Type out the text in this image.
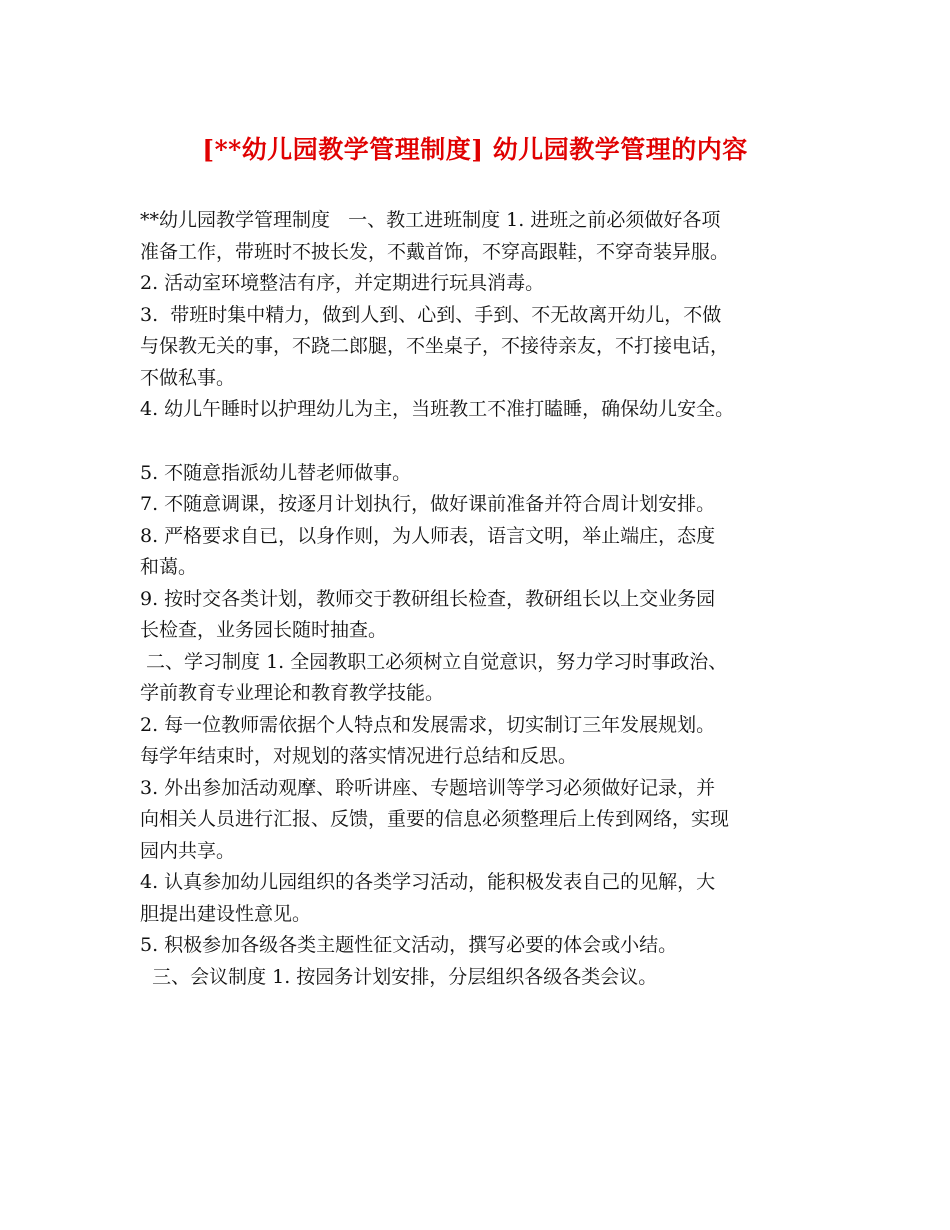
[**幼儿园教学管理制度] 幼儿园教学管理的内容
**幼儿园教学管理制度   一、教工进班制度 1. 进班之前必须做好各项
准备工作，带班时不披长发，不戴首饰，不穿高跟鞋，不穿奇装异服。
2. 活动室环境整洁有序，并定期进行玩具消毒。
3.  带班时集中精力，做到人到、心到、手到、不无故离开幼儿，不做
与保教无关的事，不跷二郎腿，不坐桌子，不接待亲友，不打接电话，
不做私事。
4. 幼儿午睡时以护理幼儿为主，当班教工不准打瞌睡，确保幼儿安全。
5. 不随意指派幼儿替老师做事。
7. 不随意调课，按逐月计划执行，做好课前准备并符合周计划安排。
8. 严格要求自已，以身作则，为人师表，语言文明，举止端庄，态度
和蔼。
9. 按时交各类计划，教师交于教研组长检查，教研组长以上交业务园
长检查，业务园长随时抽查。
二、学习制度 1. 全园教职工必须树立自觉意识，努力学习时事政治、
学前教育专业理论和教育教学技能。
2. 每一位教师需依据个人特点和发展需求，切实制订三年发展规划。
每学年结束时，对规划的落实情况进行总结和反思。
3. 外出参加活动观摩、聆听讲座、专题培训等学习必须做好记录，并
向相关人员进行汇报、反馈，重要的信息必须整理后上传到网络，实现
园内共享。
4. 认真参加幼儿园组织的各类学习活动，能积极发表自己的见解，大
胆提出建设性意见。
5. 积极参加各级各类主题性征文活动，撰写必要的体会或小结。
三、会议制度 1. 按园务计划安排，分层组织各级各类会议。
